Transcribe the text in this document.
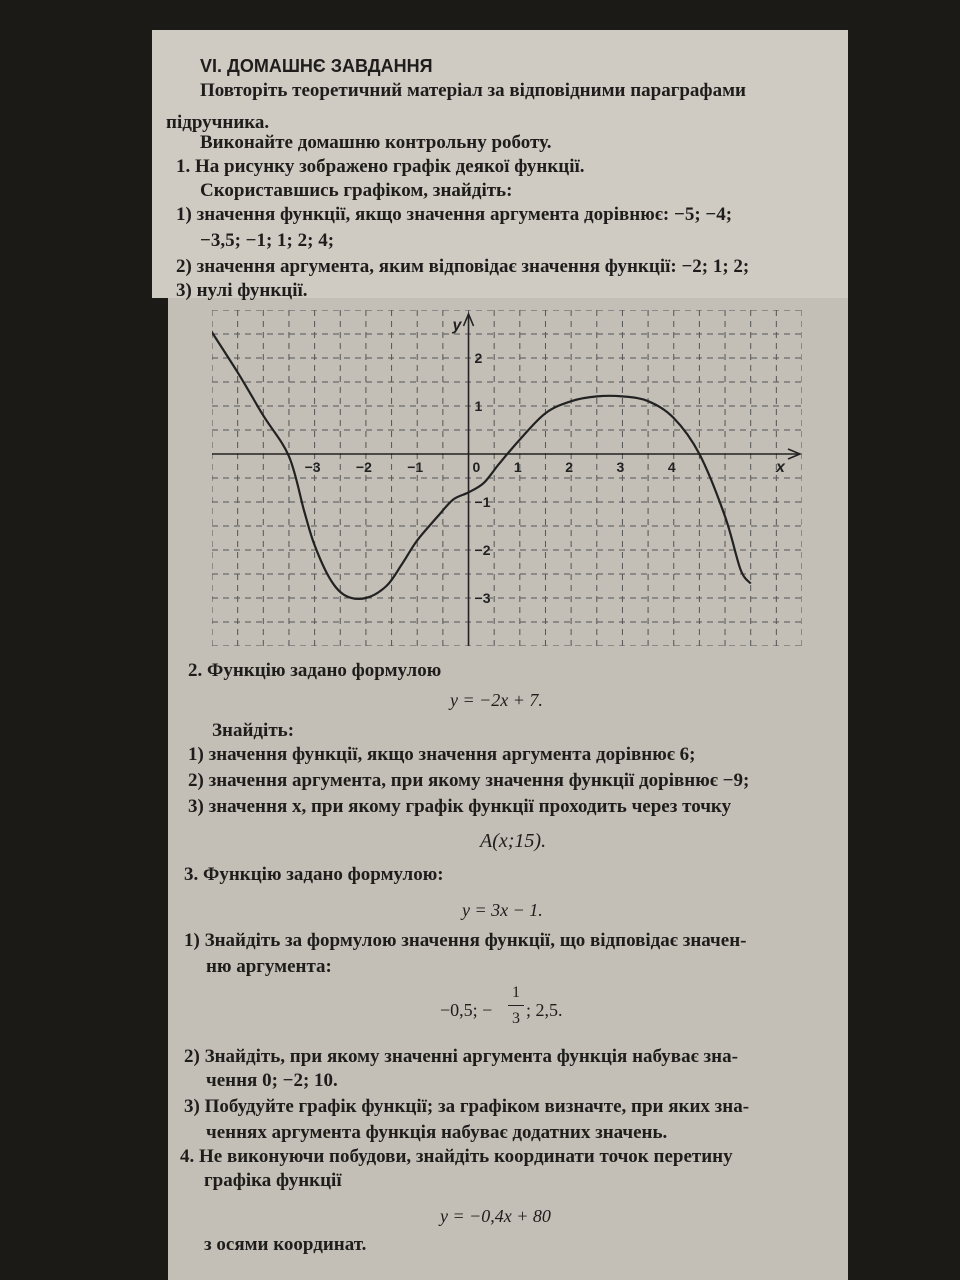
VI. ДОМАШНЄ ЗАВДАННЯ
Повторіть теоретичний матеріал за відповідними параграфами
підручника.
Виконайте домашню контрольну роботу.
1. На рисунку зображено графік деякої функції.
Скориставшись графіком, знайдіть:
1) значення функції, якщо значення аргумента дорівнює: −5; −4;
−3,5; −1; 1; 2; 4;
2) значення аргумента, яким відповідає значення функції: −2; 1; 2;
3) нулі функції.
−3	−2	−1	0 1	2	3	4
2
1
−1
−2
−3
x
y
2. Функцію задано формулою
y = −2x + 7.
Знайдіть:
1) значення функції, якщо значення аргумента дорівнює 6;
2) значення аргумента, при якому значення функції дорівнює −9;
3) значення x, при якому графік функції проходить через точку
A(x;15).
3. Функцію задано формулою:
y = 3x − 1.
1) Знайдіть за формулою значення функції, що відповідає значен-
ню аргумента:
−0,5; −
1
3 ; 2,5.
2) Знайдіть, при якому значенні аргумента функція набуває зна-
чення 0; −2; 10.
3) Побудуйте графік функції; за графіком визначте, при яких зна-
ченнях аргумента функція набуває додатних значень.
4. Не виконуючи побудови, знайдіть координати точок перетину
графіка функції
y = −0,4x + 80
з осями координат.
